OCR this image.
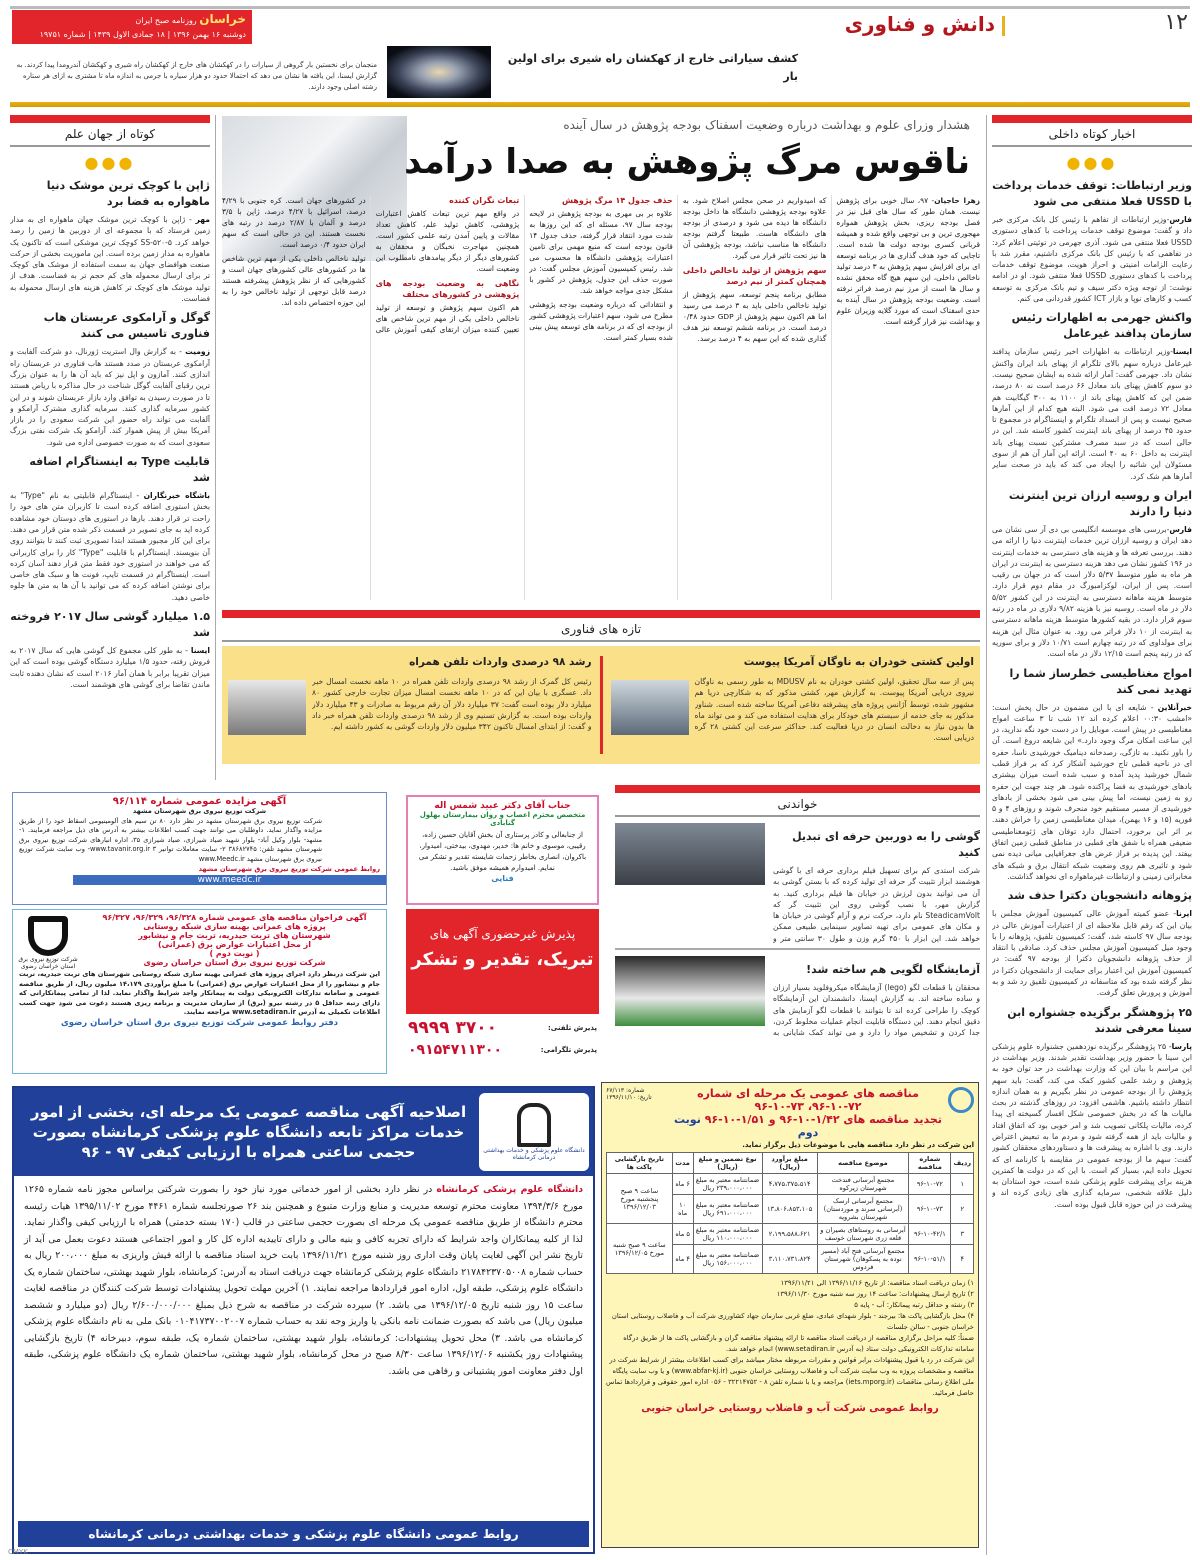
۱۲
دانش و فناوری
خراسان روزنامه صبح ایران
دوشنبه ۱۶ بهمن ۱۳۹۶ | ۱۸ جمادی الاول ۱۴۳۹ | شماره ۱۹۷۵۱
کشف سیاراتی خارج از کهکشان راه شیری برای اولین بار
منجمان برای نخستین بار گروهی از سیارات را در کهکشان های خارج از کهکشان راه شیری و کهکشان آندرومدا پیدا کردند. به گزارش ایسنا، این یافته ها نشان می دهد که احتمالا حدود دو هزار سیاره با جرمی به اندازه ماه تا مشتری به ازای هر ستاره رشته اصلی وجود دارند.
اخبار کوتاه داخلی
●●●
وزیر ارتباطات: توقف خدمات پرداخت با USSD فعلا منتفی می شود
فارس-وزیر ارتباطات از تفاهم با رئیس کل بانک مرکزی خبر داد و گفت: موضوع توقف خدمات پرداخت با کدهای دستوری USSD فعلا منتفی می شود. آذری جهرمی در توئیتی اعلام کرد: در تفاهمی که با رئیس کل بانک مرکزی داشتیم، مقرر شد با رعایت الزامات امنیتی و احراز هویت، موضوع توقف خدمات پرداخت با کدهای دستوری USSD فعلا منتفی شود. او در ادامه نوشت: از توجه ویژه دکتر سیف و تیم بانک مرکزی به توسعه کسب و کارهای نوپا و بازار ICT کشور قدردانی می کنم.
واکنش جهرمی به اظهارات رئیس سازمان پدافند غیرعامل
ایسنا-وزیر ارتباطات به اظهارات اخیر رئیس سازمان پدافند غیرعامل درباره سهم بالای تلگرام از پهنای باند ایران واکنش نشان داد. جهرمی گفت: آمار ارائه شده به ایشان صحیح نیست. دو سوم کاهش پهنای باند معادل ۶۶ درصد است نه ۸۰ درصد، ضمن این که کاهش پهنای باند از ۱۱۰۰ به ۳۰۰ گیگابیت هم معادل ۷۲ درصد افت می شود. البته هیچ کدام از این آمارها صحیح نیست و پس از انسداد تلگرام و اینستاگرام در مجموع تا حدود ۴۵ درصد از پهنای باند اینترنت کشور کاسته شد. این در حالی است که در سبد مصرف مشترکین نسبت پهنای باند اینترنت به داخل ۶۰ به ۴۰ است. ارائه این آمار آن هم از سوی مسئولان این شائبه را ایجاد می کند که باید در صحت سایر آمارها هم شک کرد.
ایران و روسیه ارزان ترین اینترنت دنیا را دارند
فارس-بررسی های موسسه انگلیسی بی دی آر سی نشان می دهد ایران و روسیه ارزان ترین خدمات اینترنت دنیا را ارائه می دهند. بررسی تعرفه ها و هزینه های دسترسی به خدمات اینترنت در ۱۹۶ کشور نشان می دهد هزینه دسترسی به اینترنت در ایران هر ماه به طور متوسط ۵/۳۷ دلار است که در جهان بی رقیب است. پس از ایران، لوکزامبورگ در مقام دوم قرار دارد. متوسط هزینه ماهانه دسترسی به اینترنت در این کشور ۵/۵۲ دلار در ماه است. روسیه نیز با هزینه ۹/۸۲ دلاری در ماه در رتبه سوم قرار دارد. در بقیه کشورها متوسط هزینه ماهانه دسترسی به اینترنت از ۱۰ دلار فراتر می رود. به عنوان مثال این هزینه برای مولداوی که در رتبه چهارم است ۱۰/۷۱ دلار و برای سوریه که در رتبه پنجم است ۱۲/۱۵ دلار در ماه است.
امواج مغناطیسی خطرساز شما را تهدید نمی کند
خبرآنلاین - شایعه ای با این مضمون در حال پخش است: «امشب ۰۰:۳۰ اعلام کرده اند ۱۲ شب تا ۳ ساعت امواج مغناطیسی در پیش است. موبایل را در دست خود نگه ندارید، در این ساعت امکان مرگ وجود دارد.» این شایعه دروغ است. آن را باور نکنید. به تازگی، رصدخانه دینامیک خورشیدی ناسا، حفره ای در ناحیه قطبی تاج خورشید آشکار کرد که بر فراز قطب شمال خورشید پدید آمده و سبب شده است میزان بیشتری بادهای خورشیدی به فضا پراکنده شود. هر چند جهت این حفره رو به زمین نیست، اما پیش بینی می شود بخشی از بادهای خورشیدی از مسیر مستقیم خود منحرف شوند و روزهای ۴ و ۵ فوریه (۱۵ و ۱۶ بهمن)، میدان مغناطیسی زمین را خراش دهند. بر اثر این برخورد، احتمال دارد توفان های ژئومغناطیسی ضعیفی همراه با شفق های قطبی در مناطق قطبی زمین اتفاق بیفتد. این پدیده بر فراز عرض های جغرافیایی میانی دیده نمی شود و تاثیری هم روی وضعیت شبکه انتقال برق و شبکه های مخابراتی زمینی و ارتباطات غیرماهواره ای نخواهد گذاشت.
پژوهانه دانشجویان دکترا حذف شد
ایرنا- عضو کمیته آموزش عالی کمیسیون آموزش مجلس با بیان این که رقم قابل ملاحظه ای از اعتبارات آموزش عالی در بودجه سال ۹۷ کاسته شد، گفت: کمیسیون تلفیق، پژوهانه را با وجود میل کمیسیون آموزش مجلس حذف کرد. صادقی با انتقاد از حذف پژوهانه دانشجویان دکترا از بودجه ۹۷ گفت: در کمیسیون آموزش این اعتبار برای حمایت از دانشجویان دکترا در نظر گرفته شده بود که متاسفانه در کمیسیون تلفیق رد شد و به آموزش و پرورش تعلق گرفت.
۲۵ پژوهشگر برگزیده جشنواره ابن سینا معرفی شدند
پارسا- ۲۵ پژوهشگر برگزیده نوزدهمین جشنواره علوم پزشکی ابن سینا با حضور وزیر بهداشت تقدیر شدند. وزیر بهداشت در این مراسم با بیان این که وزارت بهداشت در حد توان خود به پژوهش و رشد علمی کشور کمک می کند، گفت: باید سهم پژوهش را از بودجه عمومی در نظر بگیریم و به همان اندازه انتظار داشته باشیم. هاشمی افزود: در روزهای گذشته در بحث مالیات ها که در بخش خصوصی شکل افسار گسیخته ای پیدا کرده، مالیات پلکانی تصویب شد و امر خوبی بود که اتفاق افتاد و مالیات باید از همه گرفته شود و مردم ما به تبعیض اعتراض دارند. وی با اشاره به پیشرفت ها و دستاوردهای محققان کشور گفت: سهم ما از بودجه عمومی در مقایسه با کارنامه ای که تحویل داده ایم، بسیار کم است. با این که در دولت ها کمترین هزینه برای پیشرفت علوم پزشکی شده است، خود استادان به دلیل علاقه شخصی، سرمایه گذاری های زیادی کرده اند و پیشرفت در این حوزه قابل قبول بوده است.
کوتاه از جهان علم
●●●
ژاپن با کوچک ترین موشک دنیا ماهواره به فضا برد
مهر - ژاپن با کوچک ترین موشک جهان ماهواره ای به مدار زمین فرستاد که با مجموعه ای از دوربین ها زمین را رصد خواهد کرد. SS-۵۲۰-۵ کوچک ترین موشکی است که تاکنون یک ماهواره به مدار زمین برده است. این ماموریت بخشی از حرکت صنعت هوافضای جهان به سمت استفاده از موشک های کوچک تر برای ارسال محموله های کم حجم تر به فضاست. هدف از تولید موشک های کوچک تر کاهش هزینه های ارسال محموله به فضاست.
گوگل و آرامکوی عربستان هاب فناوری تاسیس می کنند
زومیت - به گزارش وال استریت ژورنال، دو شرکت آلفابت و آرامکوی عربستان در صدد هستند هاب فناوری در عربستان راه اندازی کنند. آمازون و اپل نیز که باید آن ها را به عنوان بزرگ ترین رقبای آلفابت گوگل شناخت در حال مذاکره با ریاض هستند تا در صورت رسیدن به توافق وارد بازار عربستان شوند و در این کشور سرمایه گذاری کنند. سرمایه گذاری مشترک آرامکو و آلفابت می تواند راه حضور این شرکت سعودی را در بازار آمریکا بیش از پیش هموار کند. آرامکو یک شرکت نفتی بزرگ سعودی است که به صورت خصوصی اداره می شود.
قابلیت Type به اینستاگرام اضافه شد
باشگاه خبرنگاران - اینستاگرام قابلیتی به نام "Type" به بخش استوری اضافه کرده است تا کاربران متن های خود را راحت تر قرار دهند. بارها در استوری های دوستان خود مشاهده کرده اید به جای تصویر در قسمت ذکر شده متن قرار می دهند. برای این کار مجبور هستند ابتدا تصویری ثبت کنند تا بتوانند روی آن بنویسند. اینستاگرام با قابلیت "Type" کار را برای کاربرانی که می خواهند در استوری خود فقط متن قرار دهند آسان کرده است. اینستاگرام در قسمت تایپ، فونت ها و سبک های خاصی برای نوشتن اضافه کرده که می توانید با آن ها به متن ها جلوه خاصی دهید.
۱.۵ میلیارد گوشی سال ۲۰۱۷ فروخته شد
ایسنا - به طور کلی مجموع کل گوشی هایی که سال ۲۰۱۷ به فروش رفته، حدود ۱/۵ میلیارد دستگاه گوشی بوده است که این میزان تقریبا برابر با همان آمار ۲۰۱۶ است که نشان دهنده ثابت ماندن تقاضا برای گوشی های هوشمند است.
هشدار وزرای علوم و بهداشت درباره وضعیت اسفناک بودجه پژوهش در سال آینده
ناقوس مرگ پژوهش به صدا درآمد

زهرا حاجیان- ۹۷، سال خوبی برای پژوهش نیست. همان طور که سال های قبل نیز در فصل بودجه ریزی، بخش پژوهش همواره مهجوری ترین و بی توجهی واقع شده و همیشه قربانی کسری بودجه دولت ها شده است. تاجایی که خود هدف گذاری ها در برنامه توسعه ای برای افزایش سهم پژوهش به ۳ درصد تولید ناخالص داخلی، این سهم هیچ گاه محقق نشده و سال ها است از مرز نیم درصد فراتر نرفته است. وضعیت بودجه پژوهش در سال آینده به حدی اسفناک است که مورد گلایه وزیران علوم و بهداشت نیز قرار گرفته است.

که امیدواریم در صحن مجلس اصلاح شود. به علاوه بودجه پژوهشی دانشگاه ها داخل بودجه دانشگاه ها دیده می شود و درصدی از بودجه های دانشگاه هاست. طبیعتا گرفتم بودجه دانشگاه ها مناسب نباشد، بودجه پژوهشی آن ها نیز تحت تاثیر قرار می گیرد.

سهم پژوهش از تولید ناخالص داخلی همچنان کمتر از نیم درصد

مطابق برنامه پنجم توسعه، سهم پژوهش از تولید ناخالص داخلی باید به ۳ درصد می رسید اما هم اکنون سهم پژوهش از GDP حدود ۰/۴۸ درصد است. در برنامه ششم توسعه نیز هدف گذاری شده که این سهم به ۴ درصد برسد.

حذف جدول ۱۴ مرگ پژوهش

علاوه بر بی مهری به بودجه پژوهش در لایحه بودجه سال ۹۷، مسئله ای که این روزها به شدت مورد انتقاد قرار گرفته، حذف جدول ۱۴ قانون بودجه است که منبع مهمی برای تامین اعتبارات پژوهشی دانشگاه ها محسوب می شد. رئیس کمیسیون آموزش مجلس گفت: در صورت حذف این جدول، پژوهش در کشور با مشکل جدی مواجه خواهد شد.

و انتقاداتی که درباره وضعیت بودجه پژوهشی مطرح می شود، سهم اعتبارات پژوهشی کشور از بودجه ای که در برنامه های توسعه پیش بینی شده بسیار کمتر است.

تبعات نگران کننده

در واقع مهم ترین تبعات کاهش اعتبارات پژوهشی، کاهش تولید علم، کاهش تعداد مقالات و پایین آمدن رتبه علمی کشور است. همچنین مهاجرت نخبگان و محققان به کشورهای دیگر از دیگر پیامدهای نامطلوب این وضعیت است.

نگاهی به وضعیت بودجه های پژوهشی در کشورهای مختلف

هم اکنون سهم پژوهش و توسعه از تولید ناخالص داخلی یکی از مهم ترین شاخص های تعیین کننده میزان ارتقای کیفی آموزش عالی در کشورهای جهان است. کره جنوبی با ۴/۲۹ درصد، اسرائیل با ۴/۲۷ درصد، ژاپن با ۳/۵ درصد و آلمان با ۲/۸۷ درصد در رتبه های نخست هستند. این در حالی است که سهم ایران حدود ۰/۴ درصد است.

تولید ناخالص داخلی یکی از مهم ترین شاخص ها در کشورهای عالی کشورهای جهان است و کشورهایی که از نظر پژوهش پیشرفته هستند درصد قابل توجهی از تولید ناخالص خود را به این حوزه اختصاص داده اند.

تازه های فناوری
اولین کشتی خودران به ناوگان آمریکا پیوست
پس از سه سال تحقیق، اولین کشتی خودران به نام MDUSV به طور رسمی به ناوگان نیروی دریایی آمریکا پیوست. به گزارش مهر، کشتی مذکور که به شکارچی دریا هم مشهور شده، توسط آژانس پروژه های پیشرفته دفاعی آمریکا ساخته شده است. شناور مذکور به جای خدمه از سیستم های خودکار برای هدایت استفاده می کند و می تواند ماه ها بدون نیاز به دخالت انسان در دریا فعالیت کند. حداکثر سرعت این کشتی ۲۸ گره دریایی است.
رشد ۹۸ درصدی واردات تلفن همراه
رئیس کل گمرک از رشد ۹۸ درصدی واردات تلفن همراه در ۱۰ ماهه نخست امسال خبر داد. عسگری با بیان این که در ۱۰ ماهه نخست امسال میزان تجارت خارجی کشور ۸۰ میلیارد دلار بوده است گفت: ۳۷ میلیارد دلار آن رقم مربوط به صادرات و ۴۳ میلیارد دلار واردات بوده است. به گزارش تسنیم وی از رشد ۹۸ درصدی واردات تلفن همراه خبر داد و گفت: از ابتدای امسال تاکنون ۳۴۲ میلیون دلار واردات گوشی به کشور داشته ایم.
خواندنی
گوشی را به دوربین حرفه ای تبدیل کنید
شرکت استدی کم برای تسهیل فیلم برداری حرفه ای با گوشی هوشمند ابزار تثبیت گر حرفه ای تولید کرده که با بستن گوشی به آن می توانید بدون لرزش در خیابان ها فیلم برداری کنید. به گزارش مهر، با نصب گوشی روی این تثبیت گر که SteadicamVolt نام دارد، حرکت نرم و آرام گوشی در خیابان ها و مکان های عمومی برای تهیه تصاویر سینمایی طبیعی ممکن خواهد شد. این ابزار با ۴۵۰ گرم وزن و طول ۳۰ سانتی متر و
آزمایشگاه لگویی هم ساخته شد!
محققان با قطعات لگو (lego) آزمایشگاه میکروفلوید بسیار ارزان و ساده ساخته اند. به گزارش ایسنا، دانشمندان این آزمایشگاه کوچک را طراحی کرده اند تا بتوانند با قطعات لگو آزمایش های دقیق انجام دهند. این دستگاه قابلیت انجام عملیات مخلوط کردن، جدا کردن و تشخیص مواد را دارد و می تواند کمک شایانی به
آگهی مزایده عمومی شماره ۹۶/۱۱۴
شرکت توزیع نیروی برق شهرستان مشهد
شرکت توزیع نیروی برق شهرستان مشهد در نظر دارد ۸۰ تن سیم های آلومینیومی اسقاط خود را از طریق مزایده واگذار نماید. داوطلبان می توانند جهت کسب اطلاعات بیشتر به آدرس های ذیل مراجعه فرمایند. ۱- مشهد- بلوار وکیل آباد- بلوار شهید صیاد شیرازی، صیاد شیرازی ۳۵، اداره انبارهای شرکت توزیع نیروی برق شهرستان مشهد تلفن: ۳۸۶۸۲۷۴۵ ۲- سایت معاملات توانیر www.tavanir.org.ir ۳- وب سایت شرکت توزیع نیروی برق شهرستان مشهد www.Meedc.ir
روابط عمومی شرکت توزیع نیروی برق شهرستان مشهد
www.meedc.ir
جناب آقای دکتر عبید شمس اله
متخصص محترم اعصاب و روان بیمارستان بهلول گنابادی
از جنابعالی و کادر پرستاری آن بخش آقایان حسین زاده، رقیبی، موسوی و خانم ها: خدیر، مهدوی، بیدختی، امیدوار، باکروان، انصاری بخاطر زحمات شایسته تقدیر و تشکر می نمایم. امیدوارم همیشه موفق باشید.
فنایی
آگهی فراخوان مناقصه های عمومی شماره ۹۶/۳۲۸، ۹۶/۳۲۹، ۹۶/۳۲۷
پروژه های عمرانی بهینه سازی شبکه روستایی
شهرستان های تربت حیدریه، تربت جام و نیشابور
از محل اعتبارات عوارض برق (عمرانی)
( نوبت دوم )
شرکت توزیع نیروی برق استان خراسان رضوی
شرکت توزیع نیروی برق استان خراسان رضوی
این شرکت درنظر دارد اجرای پروژه های عمرانی بهینه سازی شبکه روستایی شهرستان های تربت حیدریه، تربت جام و نیشابور را از محل اعتبارات عوارض برق (عمرانی) با مبلغ برآوردی ۱۴،۱۷۹ میلیون ریال، از طریق مناقصه عمومی و سامانه تدارکات الکترونیکی دولت به پیمانکار واجد شرایط واگذار نماید. لذا از تمامی پیمانکارانی که دارای رتبه حداقل ۵ در رشته نیرو (برق) از سازمان مدیریت و برنامه ریزی هستند دعوت می شود جهت کسب اطلاعات تکمیلی به آدرس www.setadiran.ir مراجعه نمایند.
دفتر روابط عمومی شرکت توزیع نیروی برق استان خراسان رضوی
پذیرش غیرحضوری آگهی های
تبریک، تقدیر و تشکر
پذیرش تلفنی:
۳۷۰۰ ۹۹۹۹
پذیرش تلگرامی:
۰۹۱۵۴۷۱۱۳۰۰
دانشگاه علوم پزشکی و خدمات بهداشتی درمانی کرمانشاه
اصلاحیه آگهی مناقصه عمومی یک مرحله ای، بخشی از امور خدمات مراکز تابعه دانشگاه علوم پزشکی کرمانشاه بصورت حجمی ساعتی همراه با ارزیابی کیفی ۹۷ - ۹۶
دانشگاه علوم پزشکی کرمانشاه در نظر دارد بخشی از امور خدماتی مورد نیاز خود را بصورت شرکتی براساس مجوز نامه شماره ۱۲۶۵ مورخ ۱۳۹۴/۳/۶ معاونت محترم توسعه مدیریت و منابع وزارت متبوع و همچنین بند ۲۶ صورتجلسه شماره ۴۴۶۱ مورخ ۱۳۹۵/۱۱/۰۲ هیات رئیسه محترم دانشگاه از طریق مناقصه عمومی یک مرحله ای بصورت حجمی ساعتی در قالب (۱۷۰ بسته خدمتی) همراه با ارزیابی کیفی واگذار نماید. لذا از کلیه پیمانکاران واجد شرایط که دارای تجربه کافی و بنیه مالی و دارای تاییدیه اداره کل کار و امور اجتماعی هستند دعوت بعمل می آید از تاریخ نشر این آگهی لغایت پایان وقت اداری روز شنبه مورخ ۱۳۹۶/۱۱/۲۱ بابت خرید اسناد مناقصه با ارائه فیش واریزی به مبلغ ۲۰۰،۰۰۰ ریال به حساب شماره ۲۱۷۸۴۲۳۷۰۵۰۰۸ دانشگاه علوم پزشکی کرمانشاه جهت دریافت اسناد به آدرس: کرمانشاه، بلوار شهید بهشتی، ساختمان شماره یک دانشگاه علوم پزشکی، طبقه اول، اداره امور قراردادها مراجعه نمایند. ۱) آخرین مهلت تحویل پیشنهادات توسط شرکت کنندگان در مناقصه لغایت ساعت ۱۵ روز شنبه تاریخ ۱۳۹۶/۱۲/۰۵ می باشد. ۲) سپرده شرکت در مناقصه به شرح ذیل بمبلغ ۲/۶۰۰/۰۰۰/۰۰۰ ریال (دو میلیارد و ششصد میلیون ریال) می باشد که بصورت ضمانت نامه بانکی یا واریز وجه نقد به حساب شماره ۰۱۰۴۱۷۳۷۰۰۲۰۰۷ بانک ملی به نام دانشگاه علوم پزشکی کرمانشاه می باشد. ۳) محل تحویل پیشنهادات: کرمانشاه، بلوار شهید بهشتی، ساختمان شماره یک، طبقه سوم، دبیرخانه ۴) تاریخ بازگشایی پیشنهادات روز یکشنبه ۱۳۹۶/۱۲/۰۶ ساعت ۸/۳۰ صبح در محل کرمانشاه، بلوار شهید بهشتی، ساختمان شماره یک دانشگاه علوم پزشکی، طبقه اول دفتر معاونت امور پشتیبانی و رفاهی می باشد.
روابط عمومی دانشگاه علوم پزشکی و خدمات بهداشتی درمانی کرمانشاه
مناقصه های عمومی یک مرحله ای شماره ۷۲-۱۰-۹۶، ۷۳-۱۰-۹۶
تجدید مناقصه های ۱/۴۲-۱۰-۹۶ و ۱/۵۱-۱۰-۹۶ نوبت دوم
شماره: ۶۷/۱۱۳
تاریخ: ۱۳۹۶/۱۱/۱۰
این شرکت در نظر دارد مناقصه هایی با موضوعات ذیل برگزار نماید.
ردیف	شماره مناقصه	موضوع مناقصه	مبلغ برآورد (ریال)	نوع تضمین و مبلغ (ریال)	مدت	تاریخ بازگشایی پاکت ها
۱	۹۶-۱۰-۷۲	مجتمع آبرسانی فندخت شهرستان زیرکوه	۴،۷۷۵،۳۷۵،۵۱۴	ضمانتنامه معتبر به مبلغ ۲۳۹،۰۰۰،۰۰۰ ریال	۶ ماه	ساعت ۹ صبح پنجشنبه مورخ ۱۳۹۶/۱۲/۰۳
۲	۹۶-۱۰-۷۳	مجتمع آبرسانی ارسک (آبرسانی سرند و موردستان) شهرستان بشرویه	۱۳،۸۰۶،۸۵۳،۱۰۵	ضمانتنامه معتبر به مبلغ ۶۹۱،۰۰۰،۰۰۰ ریال	۱۰ ماه	
۳	۹۶-۱۰-۴۲/۱	آبرسانی به روستاهای بصیران و قلعه زری شهرستان خوسف	۲،۱۹۹،۵۸۸،۶۲۱	ضمانتنامه معتبر به مبلغ ۱۱۰،۰۰۰،۰۰۰ ریال	۵ ماه	ساعت ۹ صبح شنبه مورخ ۱۳۹۶/۱۲/۰۵
۴	۹۶-۱۰-۵۱/۱	مجتمع آبرسانی فتح آباد (مسیر نوده به پسکوهان) شهرستان فردوس	۳،۱۱۰،۷۳۱،۸۲۴	ضمانتنامه معتبر به مبلغ ۱۵۶،۰۰۰،۰۰۰ ریال	۴ ماه	
۱) زمان دریافت اسناد مناقصه: از تاریخ ۱۳۹۶/۱۱/۱۶ الی ۱۳۹۶/۱۱/۲۱
۲) تاریخ ارسال پیشنهادات: ساعت ۱۴ روز سه شنبه مورخ ۱۳۹۶/۱۱/۳۰
۳) رشته و حداقل رتبه پیمانکار: آب - پایه ۵
۴) محل بازگشایی پاکت ها: بیرجند - بلوار شهدای عبادی، ضلع غربی سازمان جهاد کشاورزی شرکت آب و فاضلاب روستایی استان خراسان جنوبی - سالن جلسات
ضمناً: کلیه مراحل برگزاری مناقصه از دریافت اسناد مناقصه تا ارائه پیشنهاد مناقصه گران و بازگشایی پاکت ها از طریق درگاه سامانه تدارکات الکترونیکی دولت ستاد (به آدرس www.setadiran.ir) انجام خواهد شد.
این شرکت در رد یا قبول پیشنهادات برابر قوانین و مقررات مربوطه مختار میباشد برای کسب اطلاعات بیشتر از شرایط شرکت در مناقصه و مشخصات پروژه به وب سایت شرکت آب و فاضلاب روستایی خراسان جنوبی (www.abfar-kj.ir) و یا وب سایت پایگاه ملی اطلاع رسانی مناقصات (iets.mporg.ir) مراجعه و یا با شماره تلفن ۸ - ۳۲۲۱۴۷۵۲ - ۰۵۶ اداره امور حقوقی و قراردادها تماس حاصل فرمائید.
روابط عمومی شرکت آب و فاضلاب روستایی خراسان جنوبی
CMYK
